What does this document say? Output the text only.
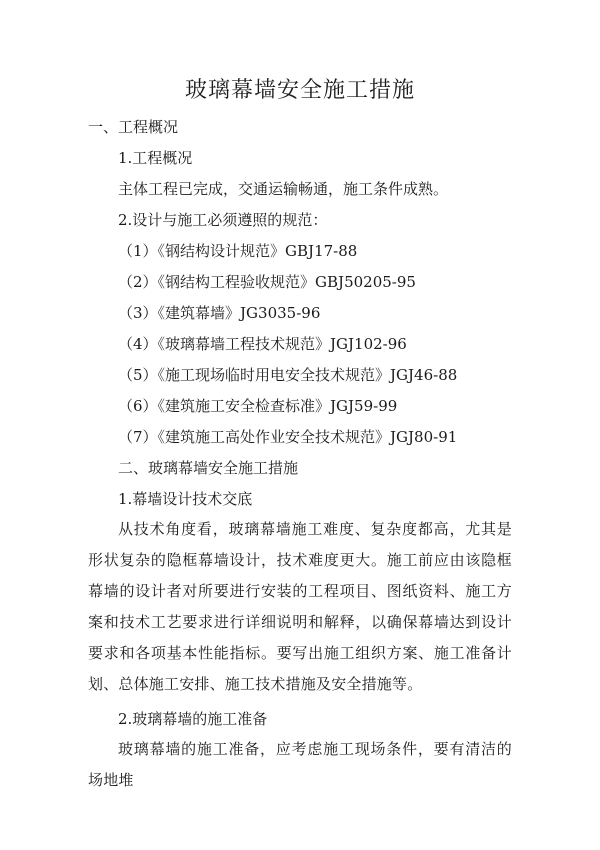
玻璃幕墙安全施工措施
一、工程概况
1.工程概况
主体工程已完成，交通运输畅通，施工条件成熟。
2.设计与施工必须遵照的规范：
（1）《钢结构设计规范》GBJ17-88
（2）《钢结构工程验收规范》GBJ50205-95
（3）《建筑幕墙》JG3035-96
（4）《玻璃幕墙工程技术规范》JGJ102-96
（5）《施工现场临时用电安全技术规范》JGJ46-88
（6）《建筑施工安全检查标准》JGJ59-99
（7）《建筑施工高处作业安全技术规范》JGJ80-91
二、玻璃幕墙安全施工措施
1.幕墙设计技术交底
从技术角度看，玻璃幕墙施工难度、复杂度都高，尤其是形状复杂的隐框幕墙设计，技术难度更大。施工前应由该隐框幕墙的设计者对所要进行安装的工程项目、图纸资料、施工方案和技术工艺要求进行详细说明和解释，以确保幕墙达到设计要求和各项基本性能指标。要写出施工组织方案、施工准备计划、总体施工安排、施工技术措施及安全措施等。
2.玻璃幕墙的施工准备
玻璃幕墙的施工准备，应考虑施工现场条件，要有清洁的场地堆
